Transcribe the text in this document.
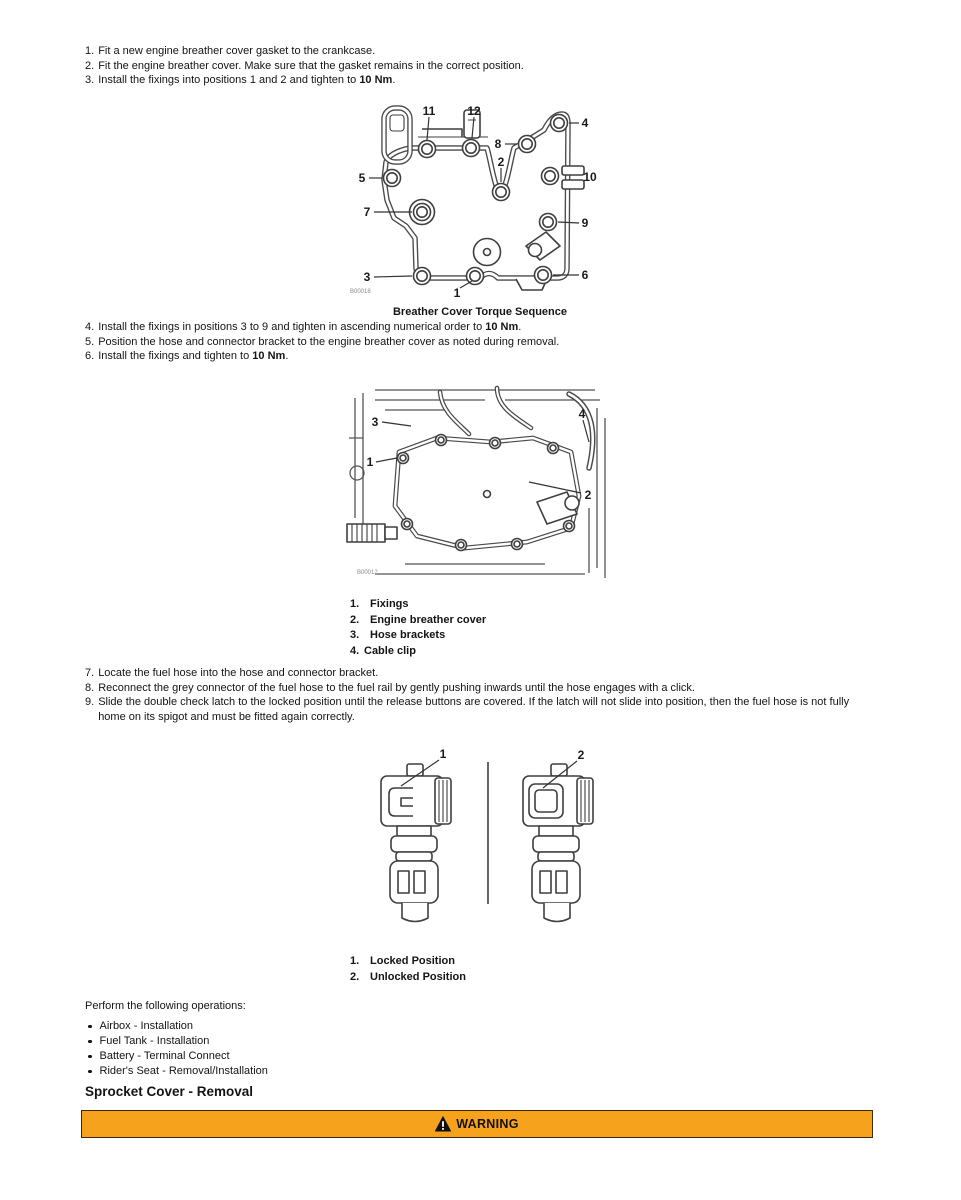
1. Fit a new engine breather cover gasket to the crankcase.
2. Fit the engine breather cover. Make sure that the gasket remains in the correct position.
3. Install the fixings into positions 1 and 2 and tighten to 10 Nm.
1
2
3
4
5
6
7
8
9
10
11	12
B00018
Breather Cover Torque Sequence
4. Install the fixings in positions 3 to 9 and tighten in ascending numerical order to 10 Nm.
5. Position the hose and connector bracket to the engine breather cover as noted during removal.
6. Install the fixings and tighten to 10 Nm.
1
2
3
4
B00012
1. Fixings
2. Engine breather cover
3. Hose brackets
4. Cable clip
7. Locate the fuel hose into the hose and connector bracket.
8. Reconnect the grey connector of the fuel hose to the fuel rail by gently pushing inwards until the hose engages with a click.
9. Slide the double check latch to the locked position until the release buttons are covered. If the latch will not slide into position, then the fuel hose is not fully home on its spigot and must be fitted again correctly.
1	2
1. Locked Position
2. Unlocked Position
Perform the following operations:
Airbox - Installation
Fuel Tank - Installation
Battery - Terminal Connect
Rider's Seat - Removal/Installation
Sprocket Cover - Removal
WARNING
